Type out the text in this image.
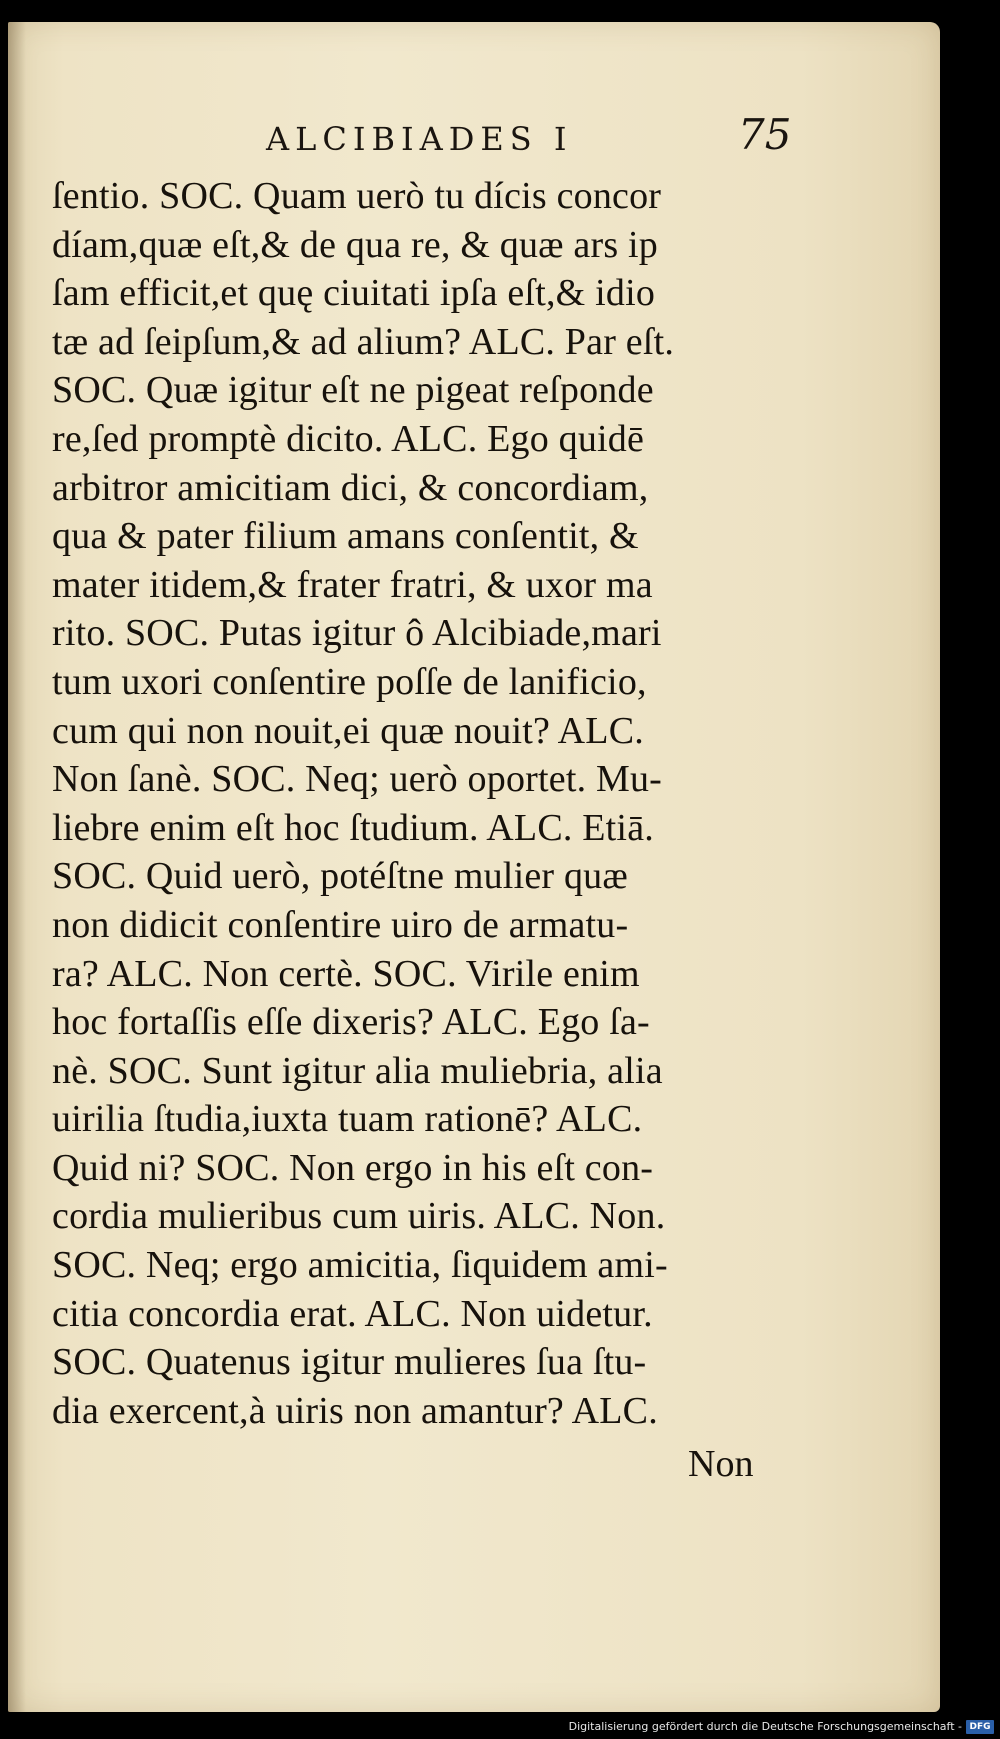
ALCIBIADES I	75
ſentio. SOC. Quam uerò tu dícis concor
díam,quæ eſt,& de qua re, & quæ ars ip
ſam efficit,et quę ciuitati ipſa eſt,& idio
tæ ad ſeipſum,& ad alium? ALC. Par eſt.
SOC. Quæ igitur eſt ne pigeat reſponde
re,ſed promptè dicito. ALC. Ego quidē
arbitror amicitiam dici, & concordiam,
qua & pater filium amans conſentit, &
mater itidem,& frater fratri, & uxor ma
rito. SOC. Putas igitur ô Alcibiade,mari
tum uxori conſentire poſſe de lanificio,
cum qui non nouit,ei quæ nouit? ALC.
Non ſanè. SOC. Neq; uerò oportet. Mu-
liebre enim eſt hoc ſtudium. ALC. Etiā.
SOC. Quid uerò, potéſtne mulier quæ
non didicit conſentire uiro de armatu-
ra? ALC. Non certè. SOC. Virile enim
hoc fortaſſis eſſe dixeris? ALC. Ego ſa-
nè. SOC. Sunt igitur alia muliebria, alia
uirilia ſtudia,iuxta tuam rationē? ALC.
Quid ni? SOC. Non ergo in his eſt con-
cordia mulieribus cum uiris. ALC. Non.
SOC. Neq; ergo amicitia, ſiquidem ami-
citia concordia erat. ALC. Non uidetur.
SOC. Quatenus igitur mulieres ſua ſtu-
dia exercent,à uiris non amantur? ALC.
Non
Digitalisierung gefördert durch die Deutsche Forschungsgemeinschaft - DFG
